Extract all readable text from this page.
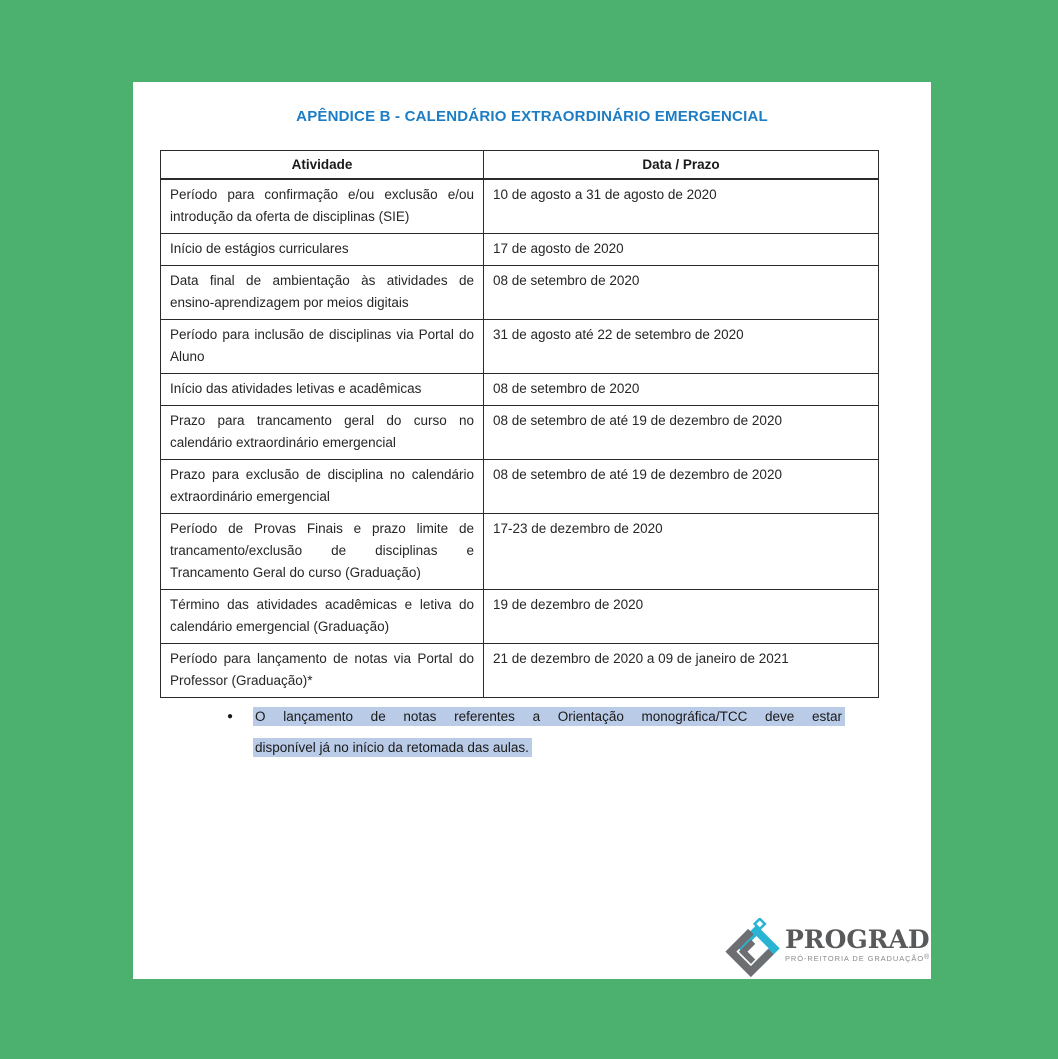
APÊNDICE B - CALENDÁRIO EXTRAORDINÁRIO EMERGENCIAL
Atividade	Data / Prazo
Período para confirmação e/ou exclusão e/ou introdução da oferta de disciplinas (SIE)	10 de agosto a 31 de agosto de 2020
Início de estágios curriculares	17 de agosto de 2020
Data final de ambientação às atividades de ensino-aprendizagem por meios digitais	08 de setembro de 2020
Período para inclusão de disciplinas via Portal do Aluno	31 de agosto até 22 de setembro de 2020
Início das atividades letivas e acadêmicas	08 de setembro de 2020
Prazo para trancamento geral do curso no calendário extraordinário emergencial	08 de setembro de até 19 de dezembro de 2020
Prazo para exclusão de disciplina no calendário extraordinário emergencial	08 de setembro de até 19 de dezembro de 2020
Período de Provas Finais e prazo limite de trancamento/exclusão de disciplinas e Trancamento Geral do curso (Graduação)	17-23 de dezembro de 2020
Término das atividades acadêmicas e letiva do calendário emergencial (Graduação)	19 de dezembro de 2020
Período para lançamento de notas via Portal do Professor (Graduação)*	21 de dezembro de 2020 a 09 de janeiro de 2021
●	O lançamento de notas referentes a Orientação monográfica/TCC deve estar
disponível já no início da retomada das aulas.
PROGRAD
PRÓ-REITORIA DE GRADUAÇÃO®
